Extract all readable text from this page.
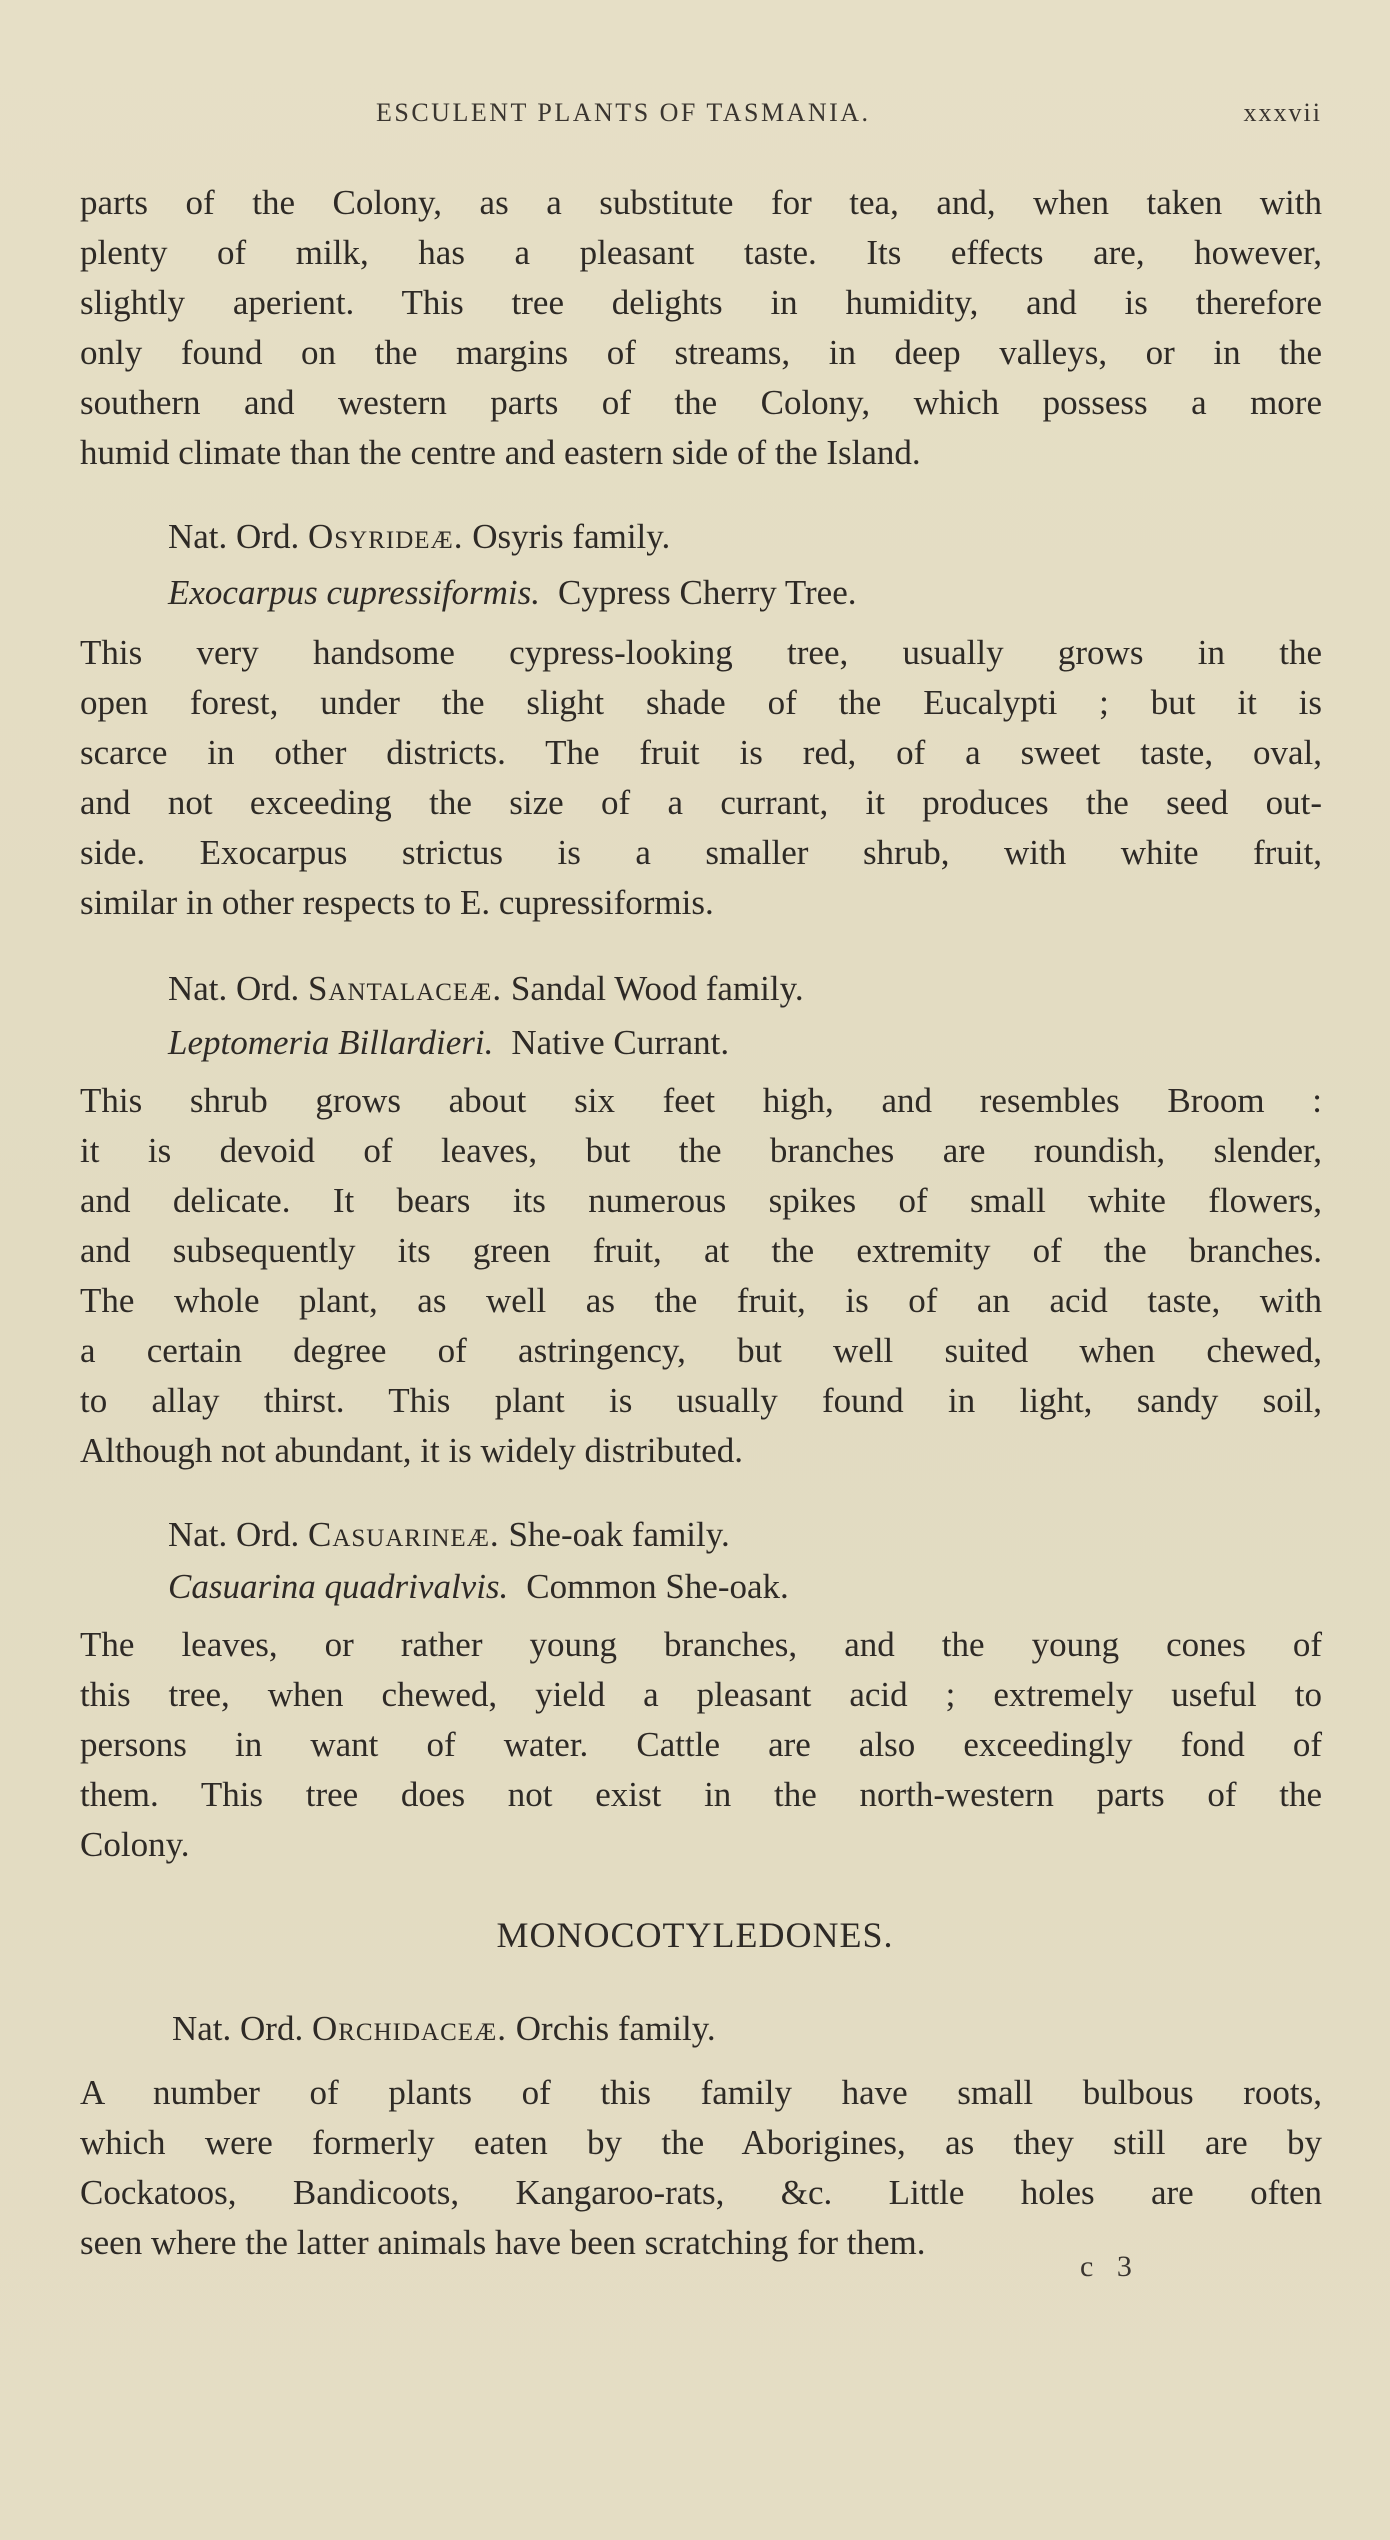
ESCULENT PLANTS OF TASMANIA.	xxxvii
parts of the Colony, as a substitute for tea, and, when taken with
plenty of milk, has a pleasant taste. Its effects are, however,
slightly aperient. This tree delights in humidity, and is therefore
only found on the margins of streams, in deep valleys, or in the
southern and western parts of the Colony, which possess a more
humid climate than the centre and eastern side of the Island.
Nat. Ord. Osyrideæ. Osyris family.
Exocarpus cupressiformis. Cypress Cherry Tree.
This very handsome cypress-looking tree, usually grows in the
open forest, under the slight shade of the Eucalypti ; but it is
scarce in other districts. The fruit is red, of a sweet taste, oval,
and not exceeding the size of a currant, it produces the seed out-
side. Exocarpus strictus is a smaller shrub, with white fruit,
similar in other respects to E. cupressiformis.
Nat. Ord. Santalaceæ. Sandal Wood family.
Leptomeria Billardieri. Native Currant.
This shrub grows about six feet high, and resembles Broom :
it is devoid of leaves, but the branches are roundish, slender,
and delicate. It bears its numerous spikes of small white flowers,
and subsequently its green fruit, at the extremity of the branches.
The whole plant, as well as the fruit, is of an acid taste, with
a certain degree of astringency, but well suited when chewed,
to allay thirst. This plant is usually found in light, sandy soil,
Although not abundant, it is widely distributed.
Nat. Ord. Casuarineæ. She-oak family.
Casuarina quadrivalvis. Common She-oak.
The leaves, or rather young branches, and the young cones of
this tree, when chewed, yield a pleasant acid ; extremely useful to
persons in want of water. Cattle are also exceedingly fond of
them. This tree does not exist in the north-western parts of the
Colony.
MONOCOTYLEDONES.
Nat. Ord. Orchidaceæ. Orchis family.
A number of plants of this family have small bulbous roots,
which were formerly eaten by the Aborigines, as they still are by
Cockatoos, Bandicoots, Kangaroo-rats, &c. Little holes are often
seen where the latter animals have been scratching for them.
c 3
